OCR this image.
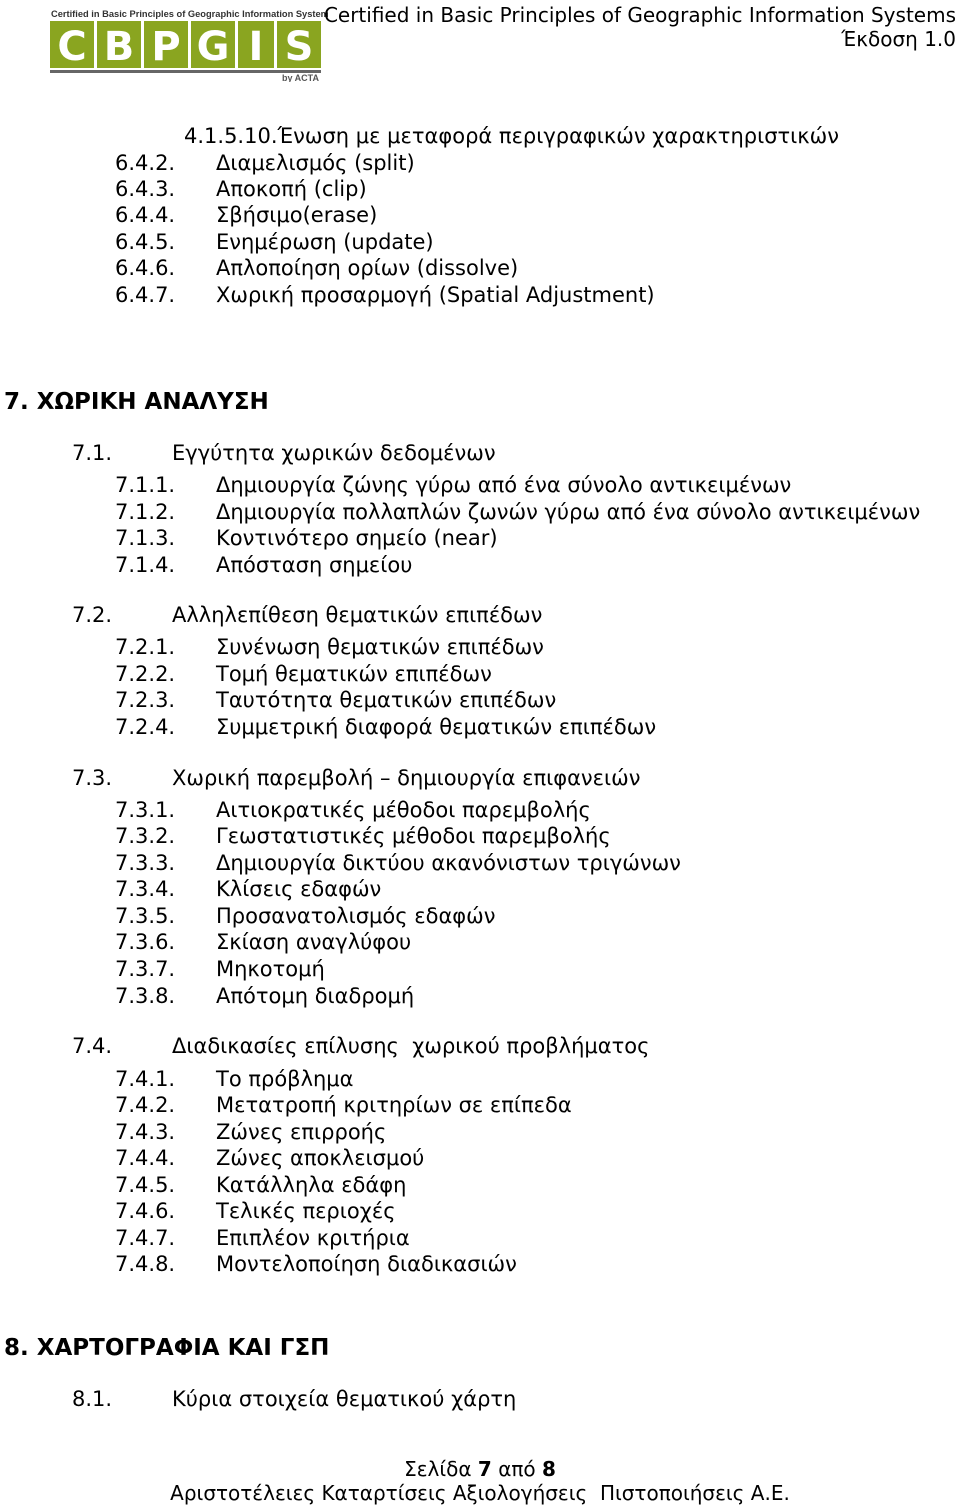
Certified in Basic Principles of Geographic Information Systems
C B P G I S
by ACTA
Certified in Basic Principles of Geographic Information Systems
Έκδοση 1.0
4.1.5.10.Ένωση με μεταφορά περιγραφικών χαρακτηριστικών
6.4.2. Διαμελισμός (split)
6.4.3. Αποκοπή (clip)
6.4.4. Σβήσιμο(erase)
6.4.5. Ενημέρωση (update)
6.4.6. Απλοποίηση ορίων (dissolve)
6.4.7. Χωρική προσαρμογή (Spatial Adjustment)
7. ΧΩΡΙΚΗ ΑΝΑΛΥΣΗ
7.1.	Εγγύτητα χωρικών δεδομένων
7.1.1. Δημιουργία ζώνης γύρω από ένα σύνολο αντικειμένων
7.1.2. Δημιουργία πολλαπλών ζωνών γύρω από ένα σύνολο αντικειμένων
7.1.3. Κοντινότερο σημείο (near)
7.1.4. Απόσταση σημείου
7.2.	Αλληλεπίθεση θεματικών επιπέδων
7.2.1. Συνένωση θεματικών επιπέδων
7.2.2. Τομή θεματικών επιπέδων
7.2.3. Ταυτότητα θεματικών επιπέδων
7.2.4. Συμμετρική διαφορά θεματικών επιπέδων
7.3.	Χωρική παρεμβολή – δημιουργία επιφανειών
7.3.1. Αιτιοκρατικές μέθοδοι παρεμβολής
7.3.2. Γεωστατιστικές μέθοδοι παρεμβολής
7.3.3. Δημιουργία δικτύου ακανόνιστων τριγώνων
7.3.4. Κλίσεις εδαφών
7.3.5. Προσανατολισμός εδαφών
7.3.6. Σκίαση αναγλύφου
7.3.7. Μηκοτομή
7.3.8. Απότομη διαδρομή
7.4.	Διαδικασίες επίλυσης  χωρικού προβλήματος
7.4.1. Το πρόβλημα
7.4.2. Μετατροπή κριτηρίων σε επίπεδα
7.4.3. Ζώνες επιρροής
7.4.4. Ζώνες αποκλεισμού
7.4.5. Κατάλληλα εδάφη
7.4.6. Τελικές περιοχές
7.4.7. Επιπλέον κριτήρια
7.4.8. Μοντελοποίηση διαδικασιών
8. ΧΑΡΤΟΓΡΑΦΙΑ ΚΑΙ ΓΣΠ
8.1.	Κύρια στοιχεία θεματικού χάρτη
Σελίδα 7 από 8
Αριστοτέλειες Καταρτίσεις Αξιολογήσεις  Πιστοποιήσεις Α.Ε.
